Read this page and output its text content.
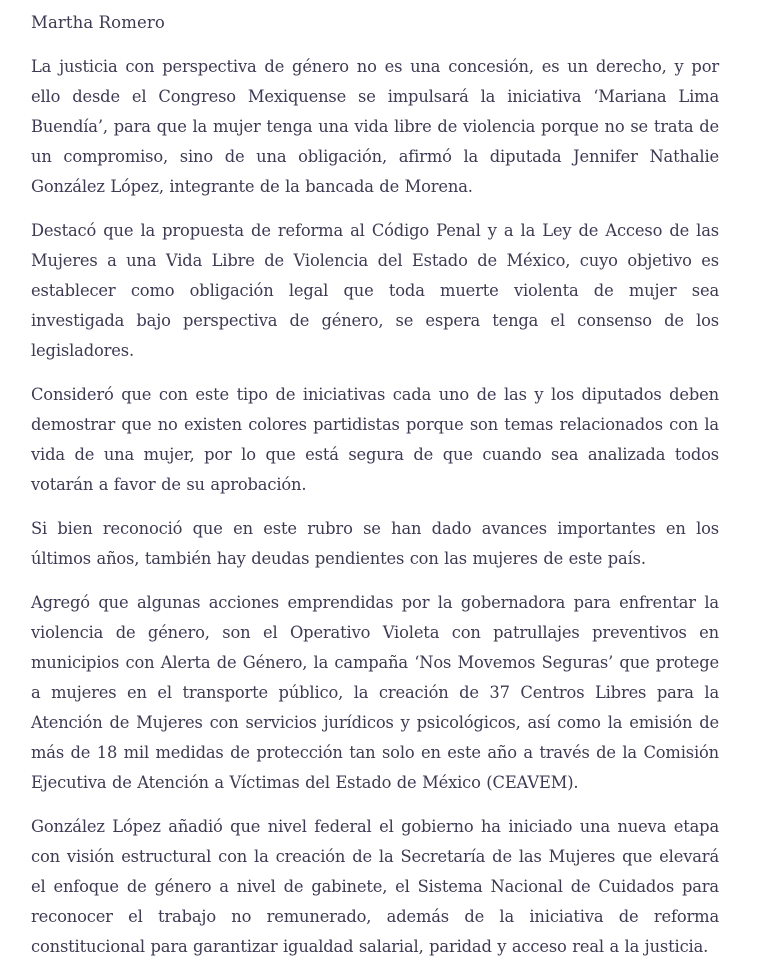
Martha Romero

La justicia con perspectiva de género no es una concesión, es un derecho, y por ello desde el Congreso Mexiquense se impulsará la iniciativa ‘Mariana Lima Buendía’, para que la mujer tenga una vida libre de violencia porque no se trata de un compromiso, sino de una obligación, afirmó la diputada Jennifer Nathalie González López, integrante de la bancada de Morena.

Destacó que la propuesta de reforma al Código Penal y a la Ley de Acceso de las Mujeres a una Vida Libre de Violencia del Estado de México, cuyo objetivo es establecer como obligación legal que toda muerte violenta de mujer sea investigada bajo perspectiva de género, se espera tenga el consenso de los legisladores.

Consideró que con este tipo de iniciativas cada uno de las y los diputados deben demostrar que no existen colores partidistas porque son temas relacionados con la vida de una mujer, por lo que está segura de que cuando sea analizada todos votarán a favor de su aprobación.

Si bien reconoció que en este rubro se han dado avances importantes en los últimos años, también hay deudas pendientes con las mujeres de este país.

Agregó que algunas acciones emprendidas por la gobernadora para enfrentar la violencia de género, son el Operativo Violeta con patrullajes preventivos en municipios con Alerta de Género, la campaña ‘Nos Movemos Seguras’ que protege a mujeres en el transporte público, la creación de 37 Centros Libres para la Atención de Mujeres con servicios jurídicos y psicológicos, así como la emisión de más de 18 mil medidas de protección tan solo en este año a través de la Comisión Ejecutiva de Atención a Víctimas del Estado de México (CEAVEM).

González López añadió que nivel federal el gobierno ha iniciado una nueva etapa con visión estructural con la creación de la Secretaría de las Mujeres que elevará el enfoque de género a nivel de gabinete, el Sistema Nacional de Cuidados para reconocer el trabajo no remunerado, además de la iniciativa de reforma constitucional para garantizar igualdad salarial, paridad y acceso real a la justicia.
